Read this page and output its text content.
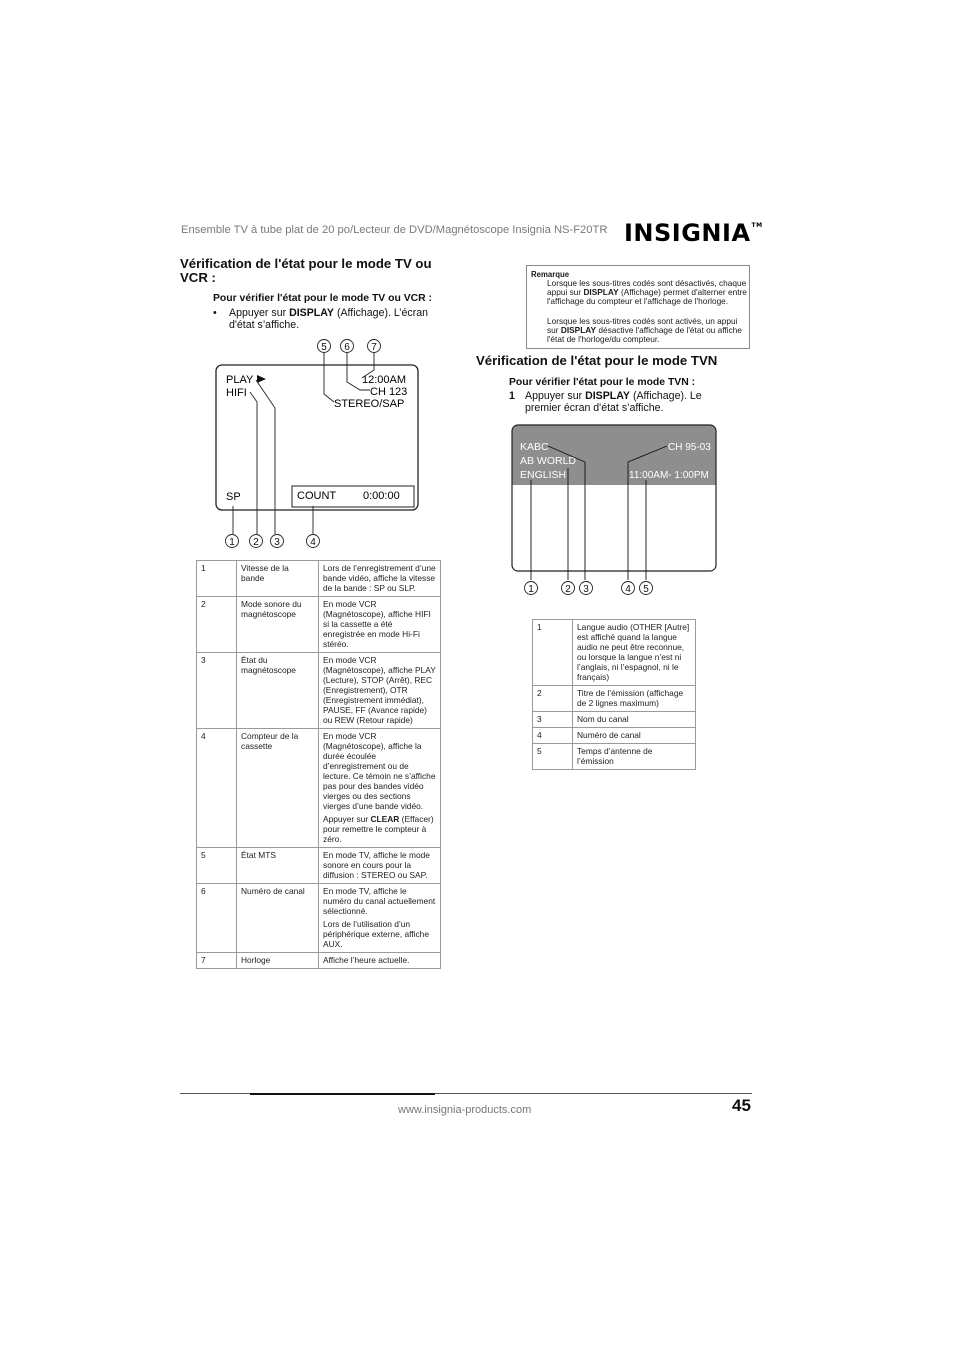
Ensemble TV à tube plat de 20 po/Lecteur de DVD/Magnétoscope Insignia NS-F20TR INSIGNIA™
Vérification de l'état pour le mode TV ou VCR :
Pour vérifier l'état pour le mode TV ou VCR :
• Appuyer sur DISPLAY (Affichage). L’écran d'état s’affiche.
PLAY
HIFI
12:00AM
CH 123
STEREO/SAP
SP	COUNT 0:00:00
5 6 7
1 2 3	4
1	Vitesse de la bande	Lors de l’enregistrement d’une bande vidéo, affiche la vitesse de la bande : SP ou SLP.
2	Mode sonore du magnétoscope	En mode VCR (Magnétoscope), affiche HIFI si la cassette a été enregistrée en mode Hi-Fi stéréo.
3	État du magnétoscope	En mode VCR (Magnétoscope), affiche PLAY (Lecture), STOP (Arrêt), REC (Enregistrement), OTR (Enregistrement immédiat), PAUSE, FF (Avance rapide) ou REW (Retour rapide)
4	Compteur de la cassette	En mode VCR (Magnétoscope), affiche la durée écoulée d’enregistrement ou de lecture. Ce témoin ne s’affiche pas pour des bandes vidéo vierges ou des sections vierges d’une bande vidéo.
Appuyer sur CLEAR (Effacer) pour remettre le compteur à zéro.

5	État MTS	En mode TV, affiche le mode sonore en cours pour la diffusion : STEREO ou SAP.
6	Numéro de canal	En mode TV, affiche le numéro du canal actuellement sélectionné.
Lors de l’utilisation d’un périphérique externe, affiche AUX.

7	Horloge	Affiche l’heure actuelle.
Remarque
Lorsque les sous-titres codés sont désactivés, chaque appui sur DISPLAY (Affichage) permet d'alterner entre l'affichage du compteur et l'affichage de l'horloge.
Lorsque les sous-titres codés sont activés, un appui sur DISPLAY désactive l'affichage de l'état ou affiche l'état de l'horloge/du compteur.
Vérification de l'état pour le mode TVN
Pour vérifier l'état pour le mode TVN :
1 Appuyer sur DISPLAY (Affichage). Le premier écran d'état s’affiche.
KABC	CH 95-03
AB WORLD
ENGLISH	11:00AM- 1:00PM
1	2 3	4 5
1	Langue audio (OTHER [Autre] est affiché quand la langue audio ne peut être reconnue, ou lorsque la langue n’est ni l’anglais, ni l’espagnol, ni le français)
2	Titre de l’émission (affichage de 2 lignes maximum)
3	Nom du canal
4	Numéro de canal
5	Temps d’antenne de l’émission
www.insignia-products.com	45
